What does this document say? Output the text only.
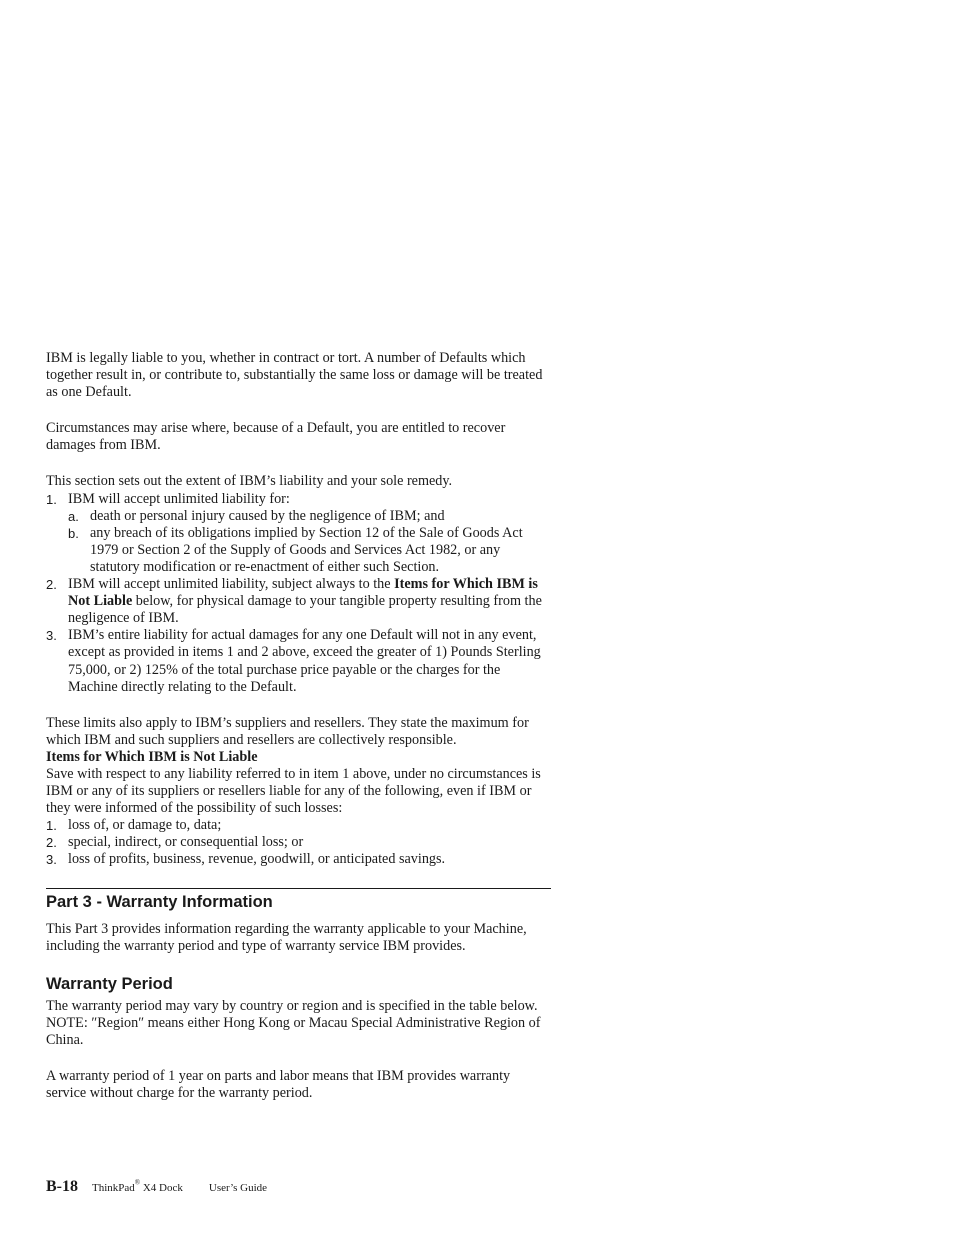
IBM is legally liable to you, whether in contract or tort. A number of Defaults which together result in, or contribute to, substantially the same loss or damage will be treated as one Default.

Circumstances may arise where, because of a Default, you are entitled to recover damages from IBM.

This section sets out the extent of IBM’s liability and your sole remedy.

1. IBM will accept unlimited liability for:
a. death or personal injury caused by the negligence of IBM; and
b. any breach of its obligations implied by Section 12 of the Sale of Goods Act 1979 or Section 2 of the Supply of Goods and Services Act 1982, or any statutory modification or re-enactment of either such Section.
2. IBM will accept unlimited liability, subject always to the Items for Which IBM is Not Liable below, for physical damage to your tangible property resulting from the negligence of IBM.
3. IBM’s entire liability for actual damages for any one Default will not in any event, except as provided in items 1 and 2 above, exceed the greater of 1) Pounds Sterling 75,000, or 2) 125% of the total purchase price payable or the charges for the Machine directly relating to the Default.

These limits also apply to IBM’s suppliers and resellers. They state the maximum for which IBM and such suppliers and resellers are collectively responsible.

Items for Which IBM is Not Liable

Save with respect to any liability referred to in item 1 above, under no circumstances is IBM or any of its suppliers or resellers liable for any of the following, even if IBM or they were informed of the possibility of such losses:

1. loss of, or damage to, data;
2. special, indirect, or consequential loss; or
3. loss of profits, business, revenue, goodwill, or anticipated savings.
Part 3 - Warranty Information

This Part 3 provides information regarding the warranty applicable to your Machine, including the warranty period and type of warranty service IBM provides.

Warranty Period

The warranty period may vary by country or region and is specified in the table below. NOTE: ″Region″ means either Hong Kong or Macau Special Administrative Region of China.

A warranty period of 1 year on parts and labor means that IBM provides warranty service without charge for the warranty period.

B-18 ThinkPad® X4 Dock User’s Guide
